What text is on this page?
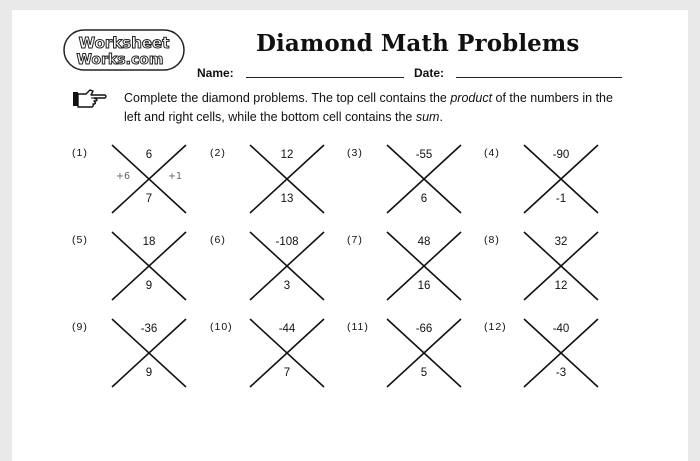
Worksheet
Works.com
Diamond Math Problems
Name:	Date:
Complete the diamond problems. The top cell contains the product of the numbers in the left and right cells, while the bottom cell contains the sum.
(1)	6
7
+6	+1
(2)	12
13
(3)	-55
6
(4)	-90
-1
(5)	18
9
(6)	-108
3
(7)	48
16
(8)	32
12
(9)	-36
9
(10)	-44
7
(11)	-66
5
(12)	-40
-3
